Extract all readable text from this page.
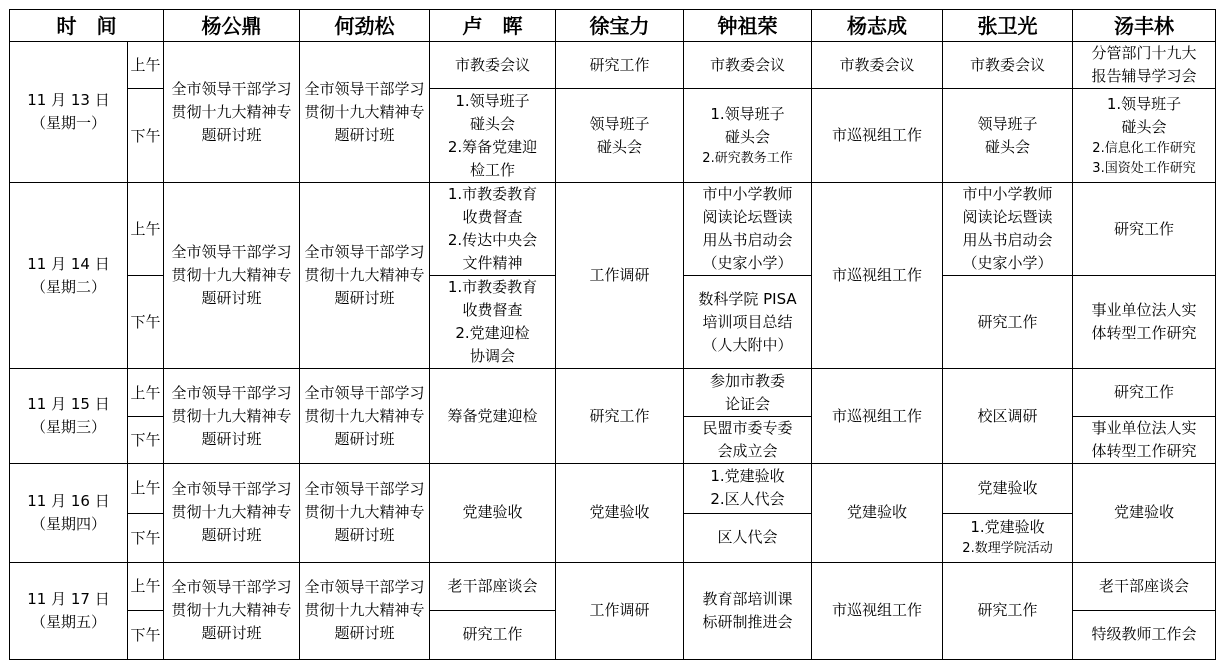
时　间		杨公鼎	何劲松	卢　晖	徐宝力	钟祖荣	杨志成	张卫光	汤丰林

11 月 13 日
（星期一）	上午	全市领导干部学习贯彻十九大精神专题研讨班	全市领导干部学习贯彻十九大精神专题研讨班	市教委会议	研究工作	市教委会议	市教委会议	市教委会议	分管部门十九大
报告辅导学习会

	下午			1.领导班子
碰头会
2.筹备党建迎
检工作	领导班子
碰头会	1.领导班子
碰头会
2.研究教务工作	市巡视组工作	领导班子
碰头会	1.领导班子
碰头会
2.信息化工作研究
3.国资处工作研究

11 月 14 日
（星期二）	上午	全市领导干部学习贯彻十九大精神专题研讨班	全市领导干部学习贯彻十九大精神专题研讨班	1.市教委教育
收费督查
2.传达中央会
文件精神	工作调研	市中小学教师
阅读论坛暨读
用丛书启动会
（史家小学）	市巡视组工作	市中小学教师
阅读论坛暨读
用丛书启动会
（史家小学）	研究工作
	下午			1.市教委教育
收费督查
2.党建迎检
协调会		数科学院 PISA
培训项目总结
（人大附中）		研究工作	事业单位法人实
体转型工作研究

11 月 15 日
（星期三）	上午	全市领导干部学习贯彻十九大精神专题研讨班	全市领导干部学习贯彻十九大精神专题研讨班	筹备党建迎检	研究工作	参加市教委
论证会	市巡视组工作	校区调研	研究工作
	下午					民盟市委专委
会成立会			事业单位法人实
体转型工作研究

11 月 16 日
（星期四）	上午	全市领导干部学习贯彻十九大精神专题研讨班	全市领导干部学习贯彻十九大精神专题研讨班	党建验收	党建验收	1.党建验收
2.区人代会	党建验收	党建验收	党建验收
	下午					区人代会		1.党建验收
2.数理学院活动	

11 月 17 日
（星期五）	上午	全市领导干部学习贯彻十九大精神专题研讨班	全市领导干部学习贯彻十九大精神专题研讨班	老干部座谈会	工作调研	教育部培训课
标研制推进会	市巡视组工作	研究工作	老干部座谈会
	下午			研究工作					特级教师工作会
